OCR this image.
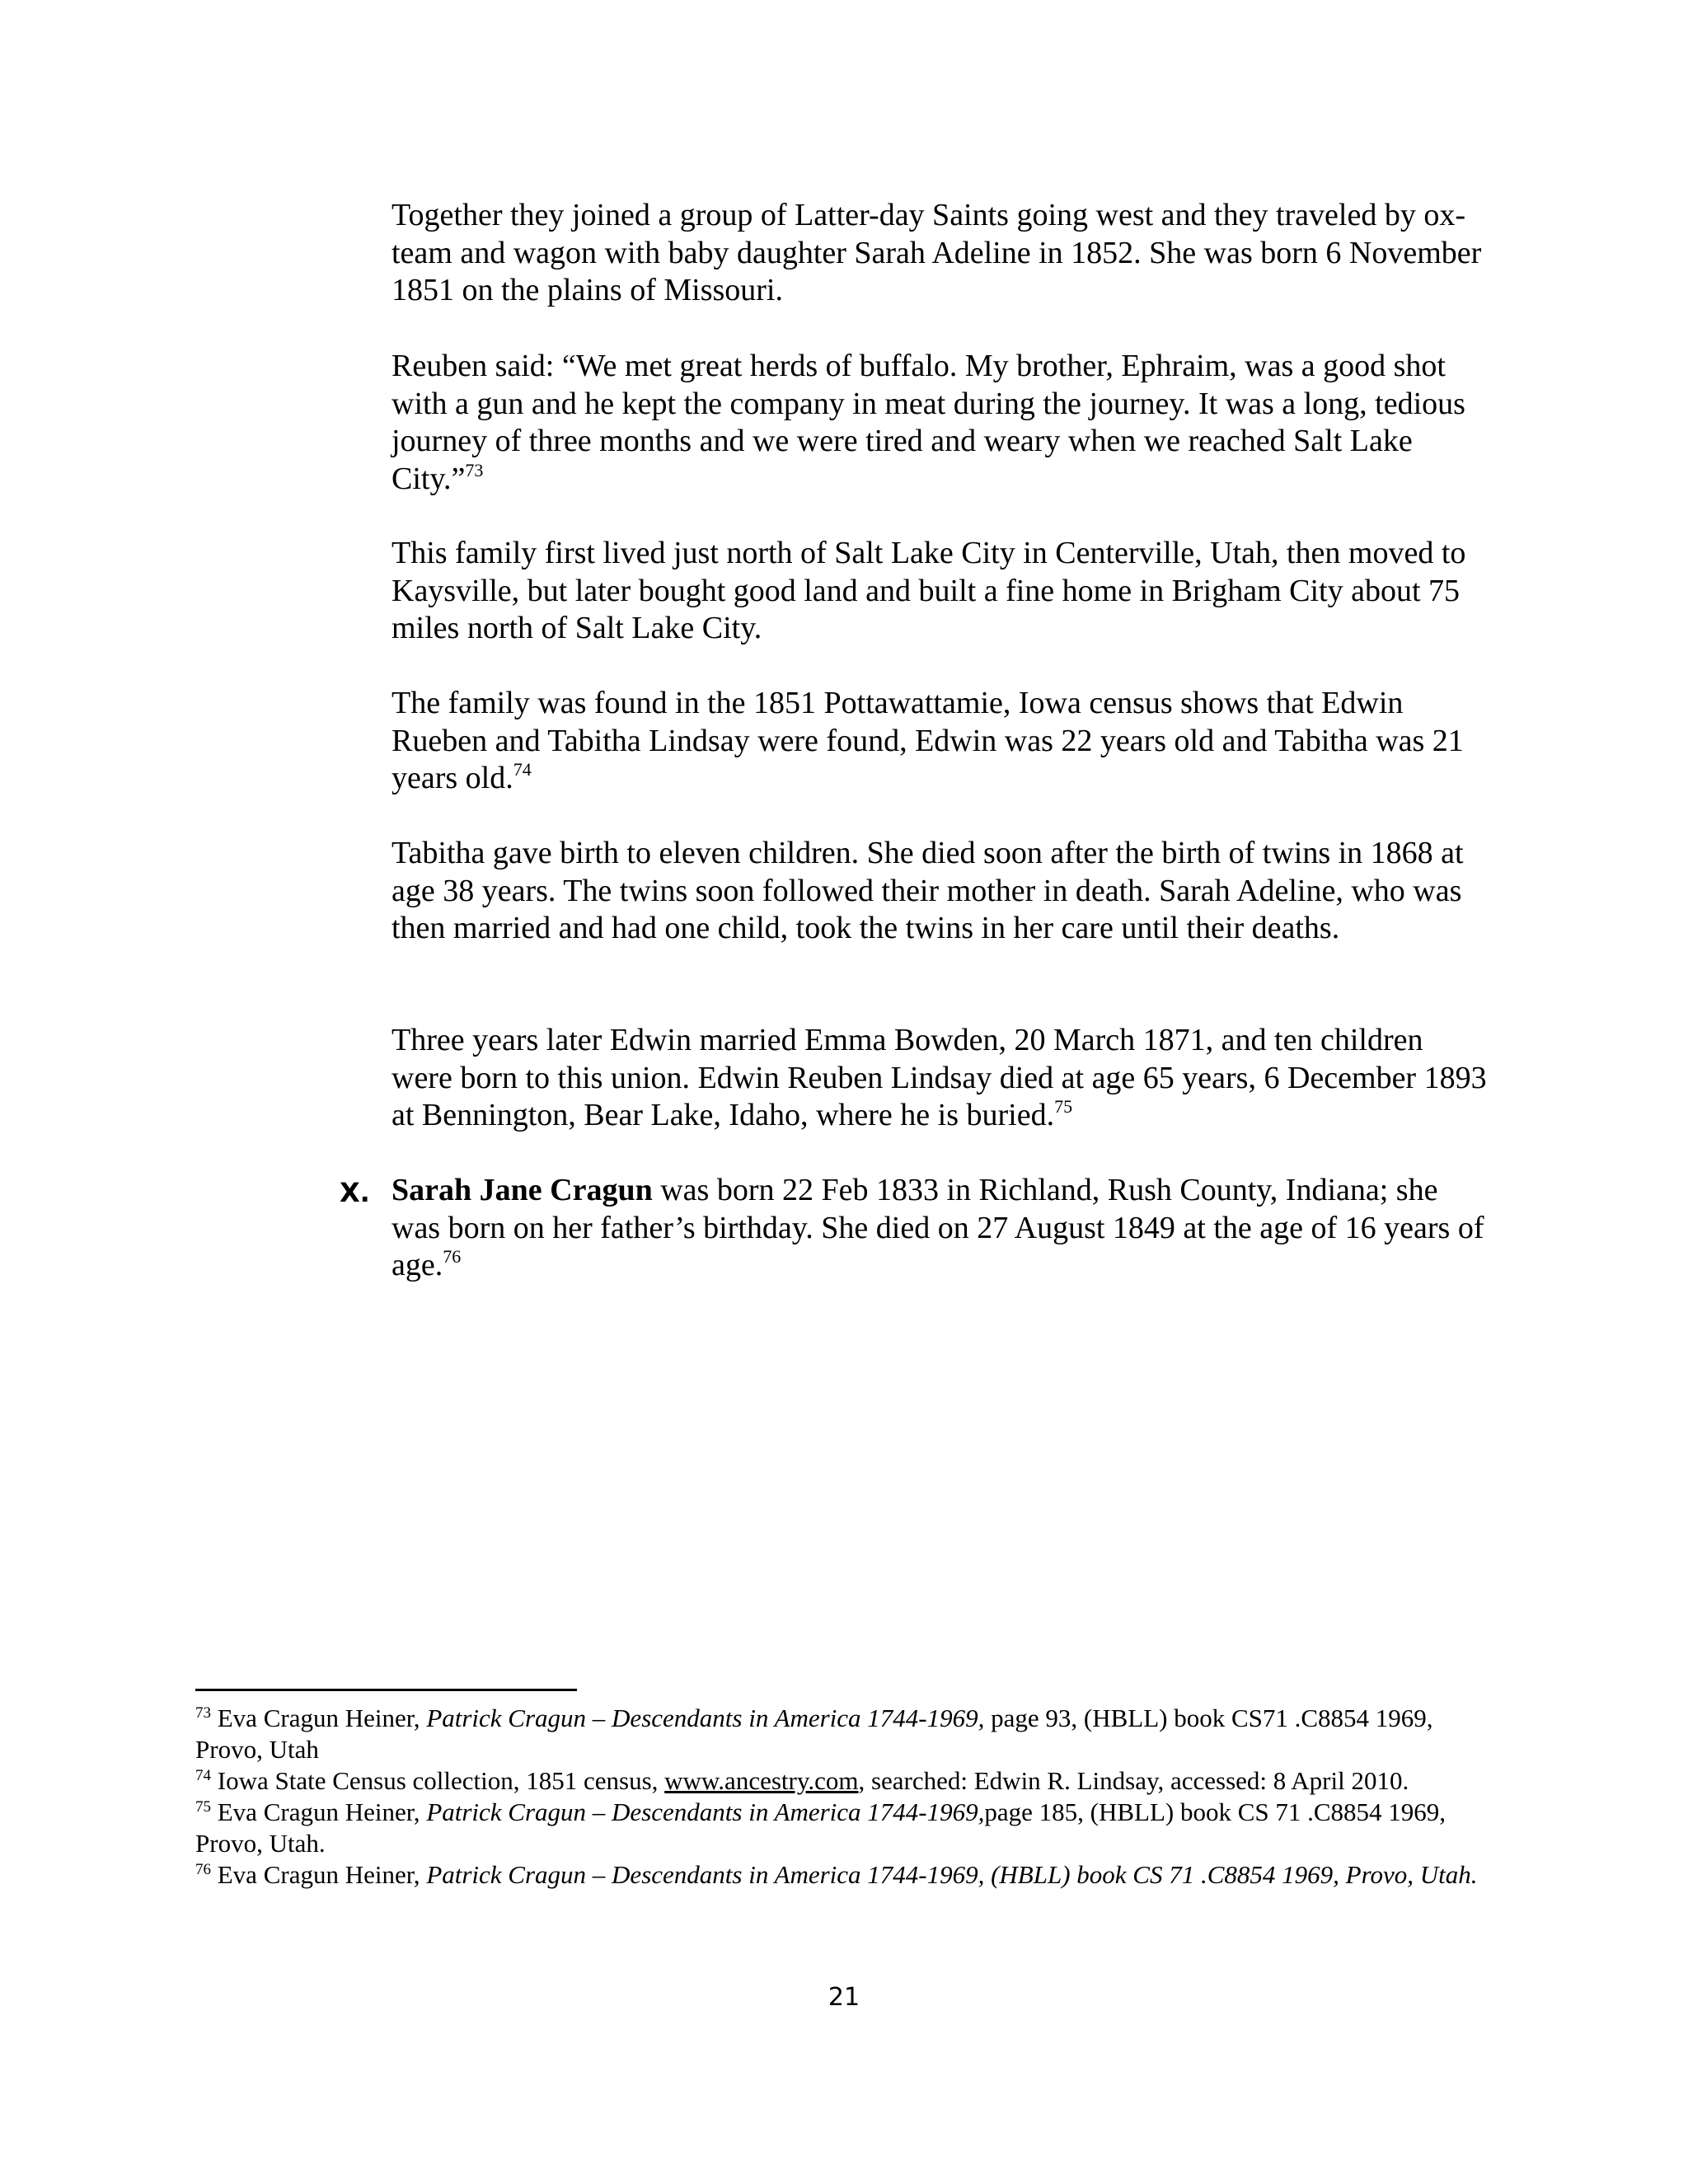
Together they joined a group of Latter-day Saints going west and they traveled by ox-team and wagon with baby daughter Sarah Adeline in 1852. She was born 6 November 1851 on the plains of Missouri.

Reuben said: “We met great herds of buffalo. My brother, Ephraim, was a good shot with a gun and he kept the company in meat during the journey. It was a long, tedious journey of three months and we were tired and weary when we reached Salt Lake City.”$^{73}$

This family first lived just north of Salt Lake City in Centerville, Utah, then moved to Kaysville, but later bought good land and built a fine home in Brigham City about 75 miles north of Salt Lake City.

The family was found in the 1851 Pottawattamie, Iowa census shows that Edwin Rueben and Tabitha Lindsay were found, Edwin was 22 years old and Tabitha was 21 years old.$^{74}$

Tabitha gave birth to eleven children. She died soon after the birth of twins in 1868 at age 38 years. The twins soon followed their mother in death. Sarah Adeline, who was then married and had one child, took the twins in her care until their deaths.

Three years later Edwin married Emma Bowden, 20 March 1871, and ten children were born to this union. Edwin Reuben Lindsay died at age 65 years, 6 December 1893 at Bennington, Bear Lake, Idaho, where he is buried.$^{75}$

X. Sarah Jane Cragun was born 22 Feb 1833 in Richland, Rush County, Indiana; she was born on her father’s birthday. She died on 27 August 1849 at the age of 16 years of age.$^{76}$

$^{73}$ Eva Cragun Heiner, Patrick Cragun – Descendants in America 1744-1969, page 93, (HBLL) book CS71 .C8854 1969, Provo, Utah

$^{74}$ Iowa State Census collection, 1851 census, www.ancestry.com, searched: Edwin R. Lindsay, accessed: 8 April 2010.

$^{75}$ Eva Cragun Heiner, Patrick Cragun – Descendants in America 1744-1969,page 185, (HBLL) book CS 71 .C8854 1969, Provo, Utah.

$^{76}$ Eva Cragun Heiner, Patrick Cragun – Descendants in America 1744-1969, (HBLL) book CS 71 .C8854 1969, Provo, Utah.

21
